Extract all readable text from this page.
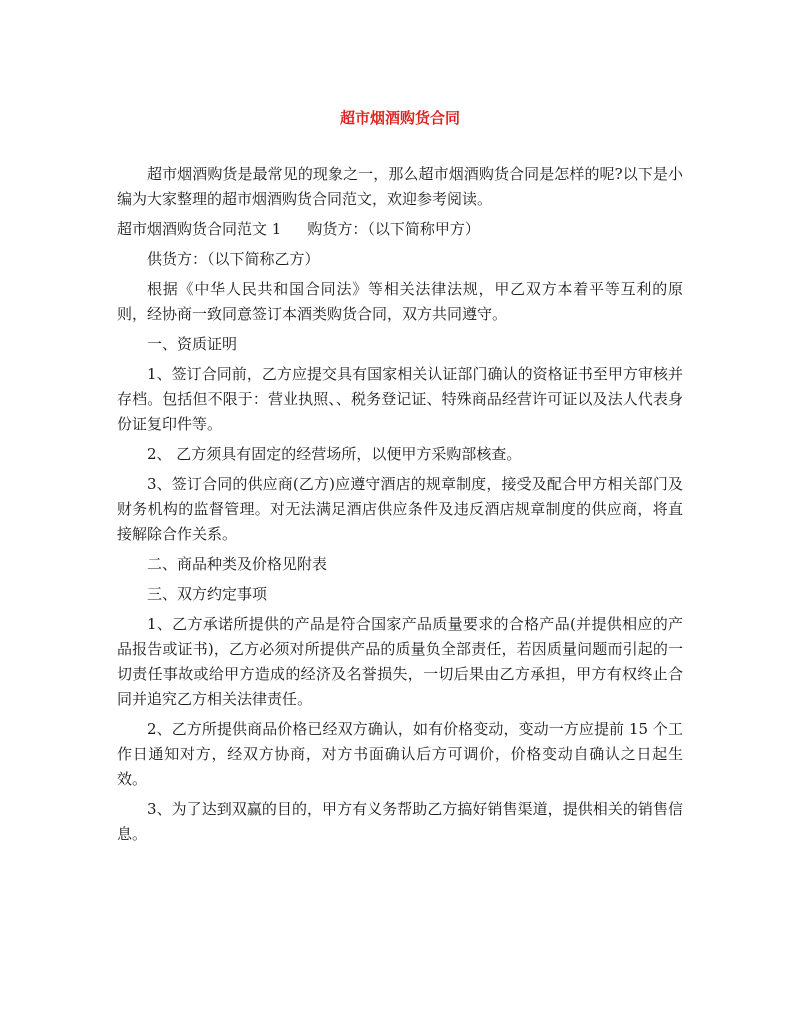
超市烟酒购货合同

超市烟酒购货是最常见的现象之一，那么超市烟酒购货合同是怎样的呢?以下是小编为大家整理的超市烟酒购货合同范文，欢迎参考阅读。

超市烟酒购货合同范文 1 购货方：（以下简称甲方）

供货方：（以下简称乙方）

根据《中华人民共和国合同法》等相关法律法规，甲乙双方本着平等互利的原则，经协商一致同意签订本酒类购货合同，双方共同遵守。

一、资质证明

1、签订合同前，乙方应提交具有国家相关认证部门确认的资格证书至甲方审核并存档。包括但不限于：营业执照、、税务登记证、特殊商品经营许可证以及法人代表身份证复印件等。

2、 乙方须具有固定的经营场所，以便甲方采购部核查。

3、签订合同的供应商(乙方)应遵守酒店的规章制度，接受及配合甲方相关部门及财务机构的监督管理。对无法满足酒店供应条件及违反酒店规章制度的供应商，将直接解除合作关系。

二、商品种类及价格见附表

三、双方约定事项

1、乙方承诺所提供的产品是符合国家产品质量要求的合格产品(并提供相应的产品报告或证书)，乙方必须对所提供产品的质量负全部责任，若因质量问题而引起的一切责任事故或给甲方造成的经济及名誉损失，一切后果由乙方承担，甲方有权终止合同并追究乙方相关法律责任。

2、乙方所提供商品价格已经双方确认，如有价格变动，变动一方应提前 15 个工作日通知对方，经双方协商，对方书面确认后方可调价，价格变动自确认之日起生效。

3、为了达到双赢的目的，甲方有义务帮助乙方搞好销售渠道，提供相关的销售信息。
